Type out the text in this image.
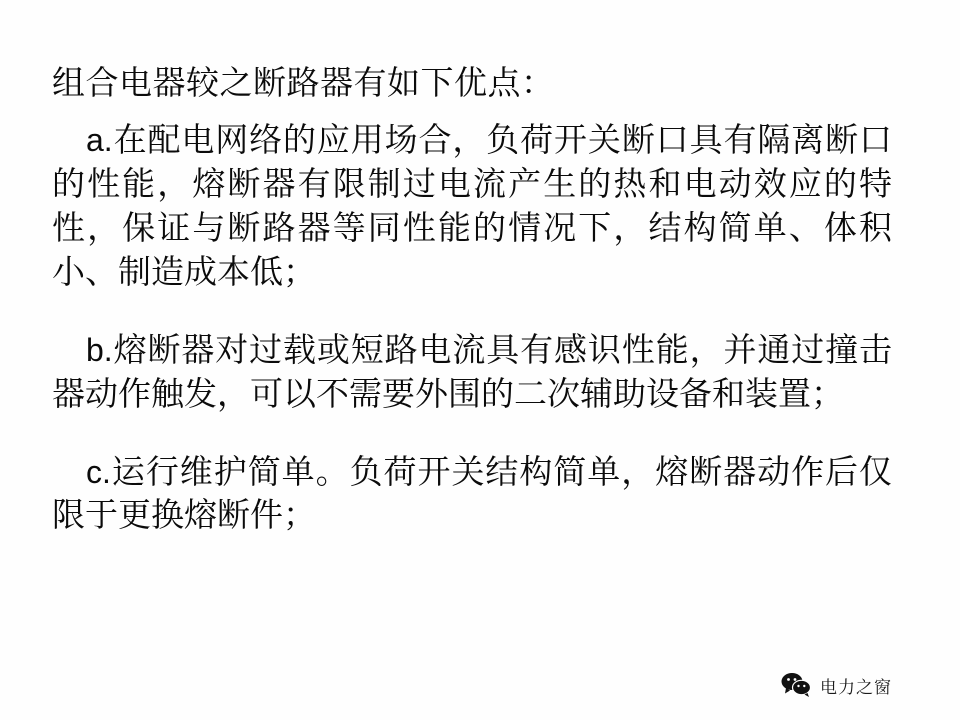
组合电器较之断路器有如下优点：

a.在配电网络的应用场合，负荷开关断口具有隔离断口的性能，熔断器有限制过电流产生的热和电动效应的特性，保证与断路器等同性能的情况下，结构简单、体积小、制造成本低；

b.熔断器对过载或短路电流具有感识性能，并通过撞击器动作触发，可以不需要外围的二次辅助设备和装置；

c.运行维护简单。负荷开关结构简单，熔断器动作后仅限于更换熔断件；

电力之窗
